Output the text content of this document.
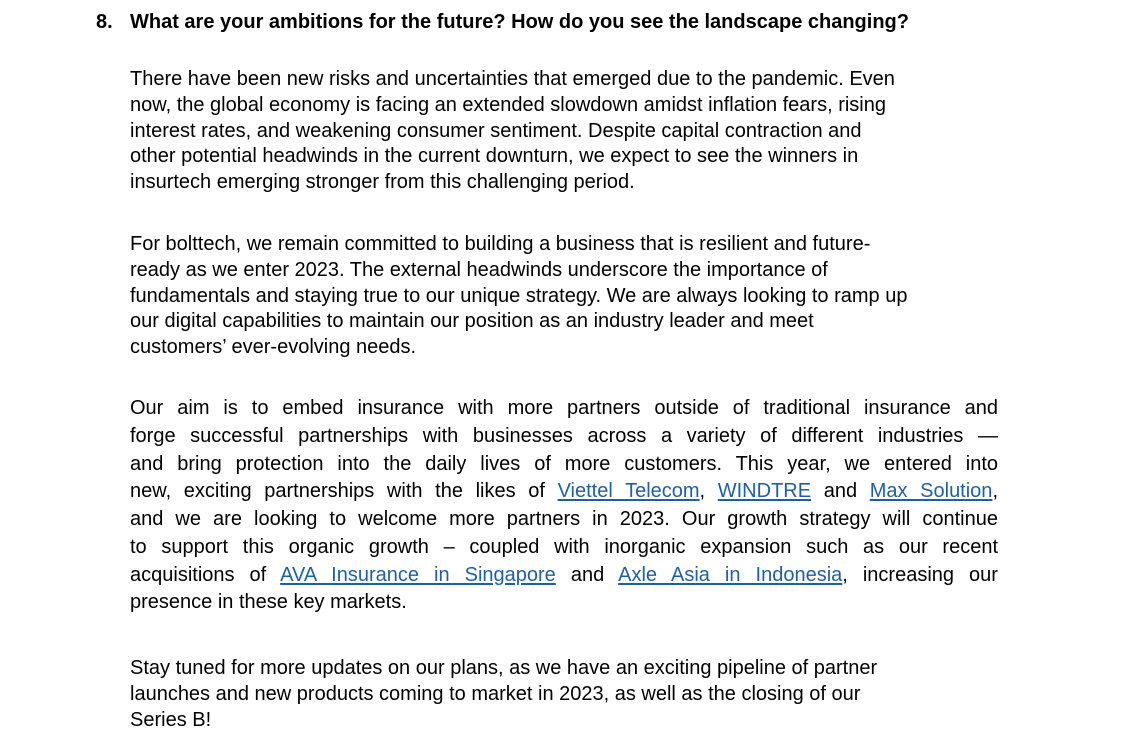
8. What are your ambitions for the future? How do you see the landscape changing?
There have been new risks and uncertainties that emerged due to the pandemic. Even
now, the global economy is facing an extended slowdown amidst inflation fears, rising
interest rates, and weakening consumer sentiment. Despite capital contraction and
other potential headwinds in the current downturn, we expect to see the winners in
insurtech emerging stronger from this challenging period.
For bolttech, we remain committed to building a business that is resilient and future-
ready as we enter 2023. The external headwinds underscore the importance of
fundamentals and staying true to our unique strategy. We are always looking to ramp up
our digital capabilities to maintain our position as an industry leader and meet
customers’ ever-evolving needs.
Our aim is to embed insurance with more partners outside of traditional insurance and
forge successful partnerships with businesses across a variety of different industries —
and bring protection into the daily lives of more customers. This year, we entered into
new, exciting partnerships with the likes of Viettel Telecom, WINDTRE and Max Solution,
and we are looking to welcome more partners in 2023. Our growth strategy will continue
to support this organic growth – coupled with inorganic expansion such as our recent
acquisitions of AVA Insurance in Singapore and Axle Asia in Indonesia, increasing our
presence in these key markets.
Stay tuned for more updates on our plans, as we have an exciting pipeline of partner
launches and new products coming to market in 2023, as well as the closing of our
Series B!
